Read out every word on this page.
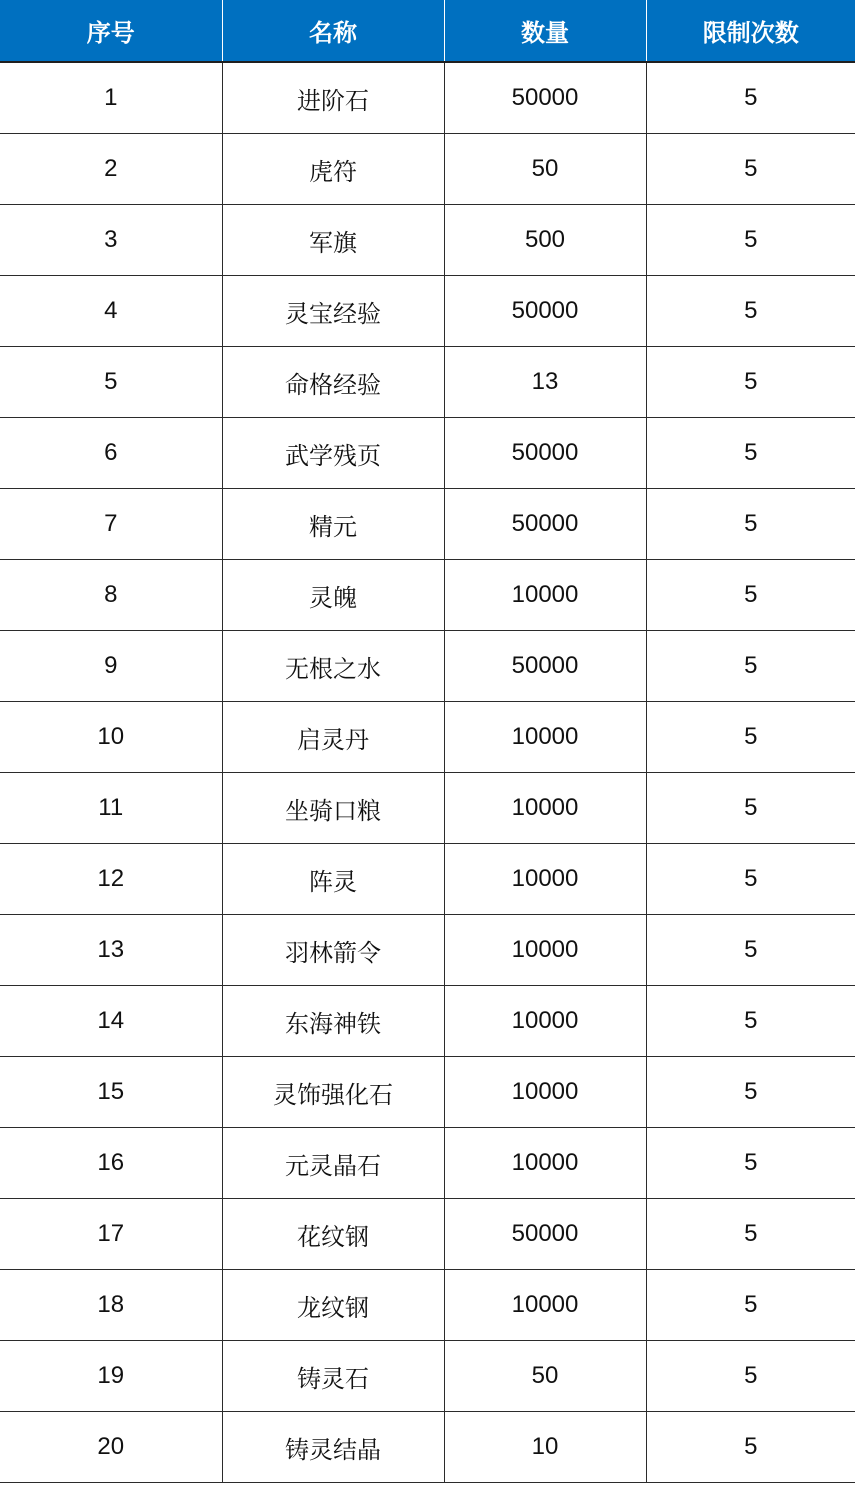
序号	名称	数量	限制次数
1	进阶石	50000	5
2	虎符	50	5
3	军旗	500	5
4	灵宝经验	50000	5
5	命格经验	13	5
6	武学残页	50000	5
7	精元	50000	5
8	灵魄	10000	5
9	无根之水	50000	5
10	启灵丹	10000	5
11	坐骑口粮	10000	5
12	阵灵	10000	5
13	羽林箭令	10000	5
14	东海神铁	10000	5
15	灵饰强化石	10000	5
16	元灵晶石	10000	5
17	花纹钢	50000	5
18	龙纹钢	10000	5
19	铸灵石	50	5
20	铸灵结晶	10	5
